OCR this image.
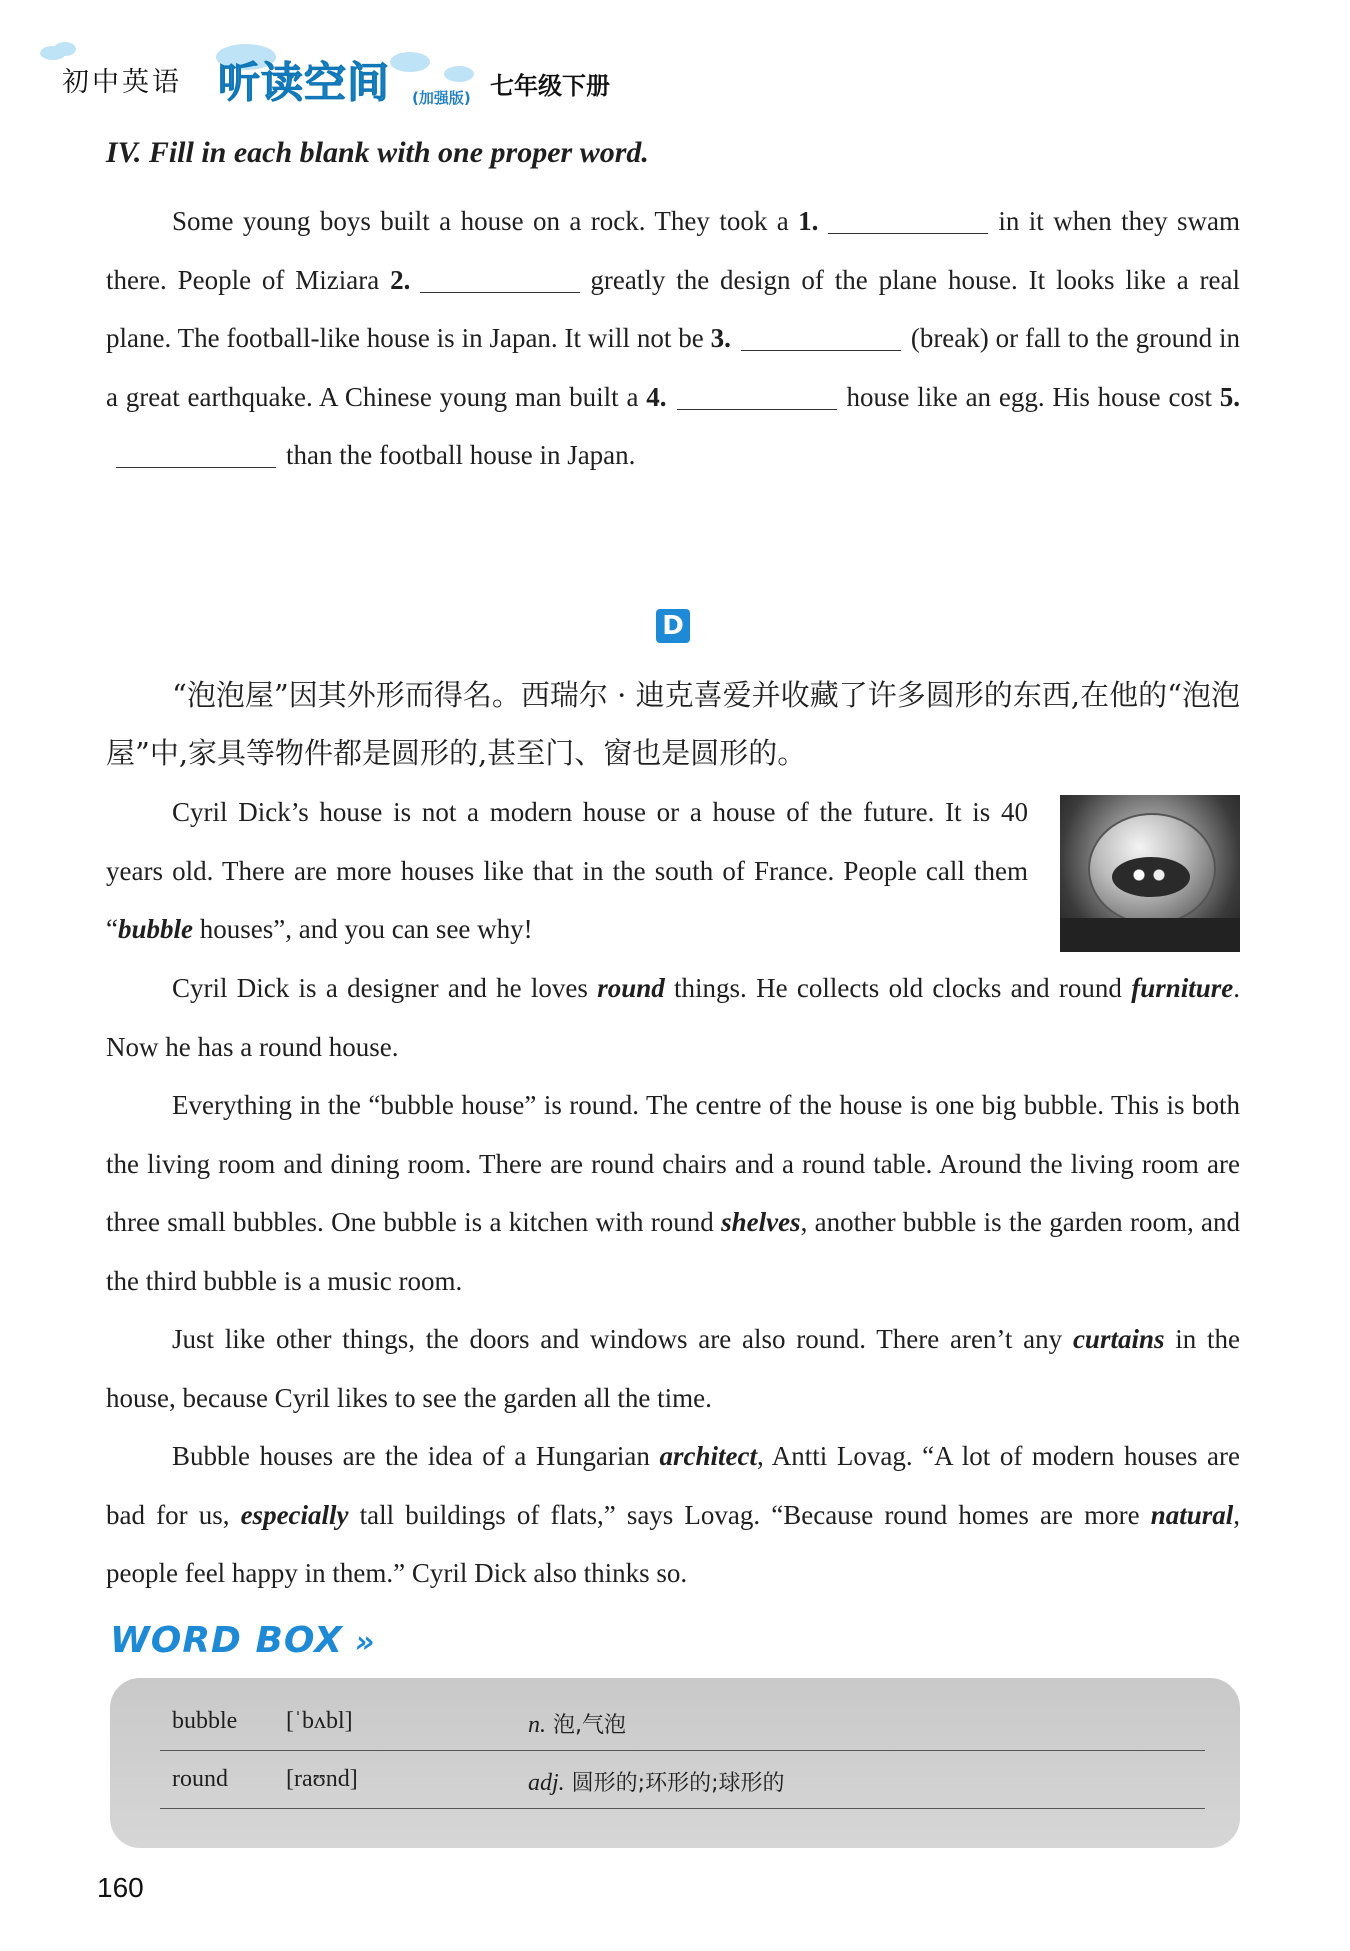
初中英语 听读空间 (加强版) 七年级下册
IV. Fill in each blank with one proper word.

Some young boys built a house on a rock. They took a 1.	in it when they swam there. People of Miziara 2.	greatly the design of the plane house. It looks like a real plane. The football-like house is in Japan. It will not be 3.	(break) or fall to the ground in a great earthquake. A Chinese young man built a 4.	house like an egg. His house cost 5.than the football house in Japan.

D

“泡泡屋”因其外形而得名。西瑞尔 · 迪克喜爱并收藏了许多圆形的东西,在他的“泡泡屋”中,家具等物件都是圆形的,甚至门、窗也是圆形的。

Cyril Dick’s house is not a modern house or a house of the future. It is 40 years old. There are more houses like that in the south of France. People call them “bubble houses”, and you can see why!

Cyril Dick is a designer and he loves round things. He collects old clocks and round furniture. Now he has a round house.

Everything in the “bubble house” is round. The centre of the house is one big bubble. This is both the living room and dining room. There are round chairs and a round table. Around the living room are three small bubbles. One bubble is a kitchen with round shelves, another bubble is the garden room, and the third bubble is a music room.

Just like other things, the doors and windows are also round. There aren’t any curtains in the house, because Cyril likes to see the garden all the time.

Bubble houses are the idea of a Hungarian architect, Antti Lovag. “A lot of modern houses are bad for us, especially tall buildings of flats,” says Lovag. “Because round homes are more natural, people feel happy in them.” Cyril Dick also thinks so.

WORD BOX »
bubble [ˈbʌbl]	n. 泡,气泡
round [raʊnd]	adj. 圆形的;环形的;球形的
160
